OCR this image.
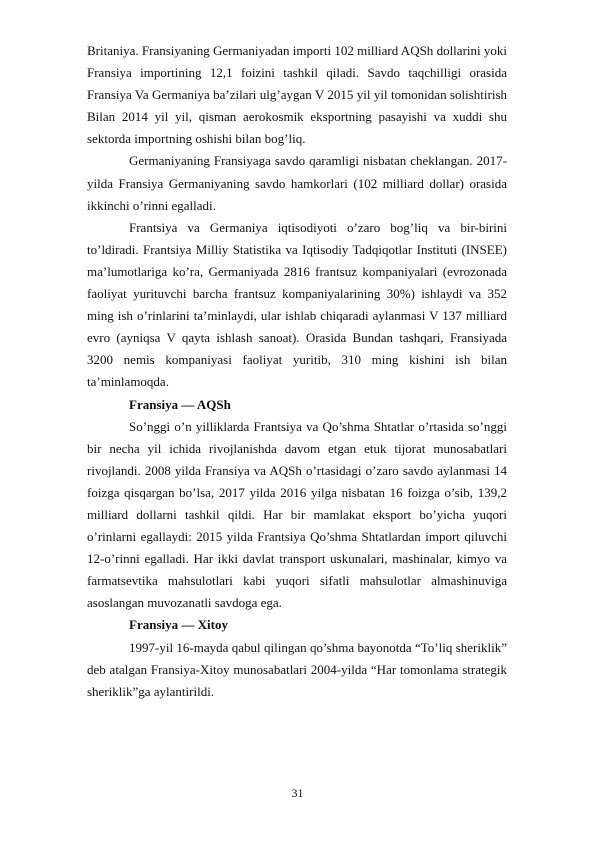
Britaniya. Fransiyaning Germaniyadan importi 102 milliard AQSh dollarini yoki Fransiya importining 12,1 foizini tashkil qiladi. Savdo taqchilligi orasida Fransiya Va Germaniya ba’zilari ulg’aygan V 2015 yil yil tomonidan solishtirish Bilan 2014 yil yil, qisman aerokosmik eksportning pasayishi va xuddi shu sektorda importning oshishi bilan bog’liq.

Germaniyaning Fransiyaga savdo qaramligi nisbatan cheklangan. 2017-yilda Fransiya Germaniyaning savdo hamkorlari (102 milliard dollar) orasida ikkinchi o’rinni egalladi.

Frantsiya va Germaniya iqtisodiyoti o’zaro bog’liq va bir-birini to’ldiradi. Frantsiya Milliy Statistika va Iqtisodiy Tadqiqotlar Instituti (INSEE) ma’lumotlariga ko’ra, Germaniyada 2816 frantsuz kompaniyalari (evrozonada faoliyat yurituvchi barcha frantsuz kompaniyalarining 30%) ishlaydi va 352 ming ish o’rinlarini ta’minlaydi, ular ishlab chiqaradi aylanmasi V 137 milliard evro (ayniqsa V qayta ishlash sanoat). Orasida Bundan tashqari, Fransiyada 3200 nemis kompaniyasi faoliyat yuritib, 310 ming kishini ish bilan ta’minlamoqda.

Fransiya — AQSh

So’nggi o’n yilliklarda Frantsiya va Qo’shma Shtatlar o’rtasida so’nggi bir necha yil ichida rivojlanishda davom etgan etuk tijorat munosabatlari rivojlandi. 2008 yilda Fransiya va AQSh o’rtasidagi o’zaro savdo aylanmasi 14 foizga qisqargan bo’lsa, 2017 yilda 2016 yilga nisbatan 16 foizga o’sib, 139,2 milliard dollarni tashkil qildi. Har bir mamlakat eksport bo’yicha yuqori o’rinlarni egallaydi: 2015 yilda Frantsiya Qo’shma Shtatlardan import qiluvchi 12-o’rinni egalladi. Har ikki davlat transport uskunalari, mashinalar, kimyo va farmatsevtika mahsulotlari kabi yuqori sifatli mahsulotlar almashinuviga asoslangan muvozanatli savdoga ega.

Fransiya — Xitoy

1997-yil 16-mayda qabul qilingan qo’shma bayonotda “To’liq sheriklik” deb atalgan Fransiya-Xitoy munosabatlari 2004-yilda “Har tomonlama strategik sheriklik”ga aylantirildi.

31
